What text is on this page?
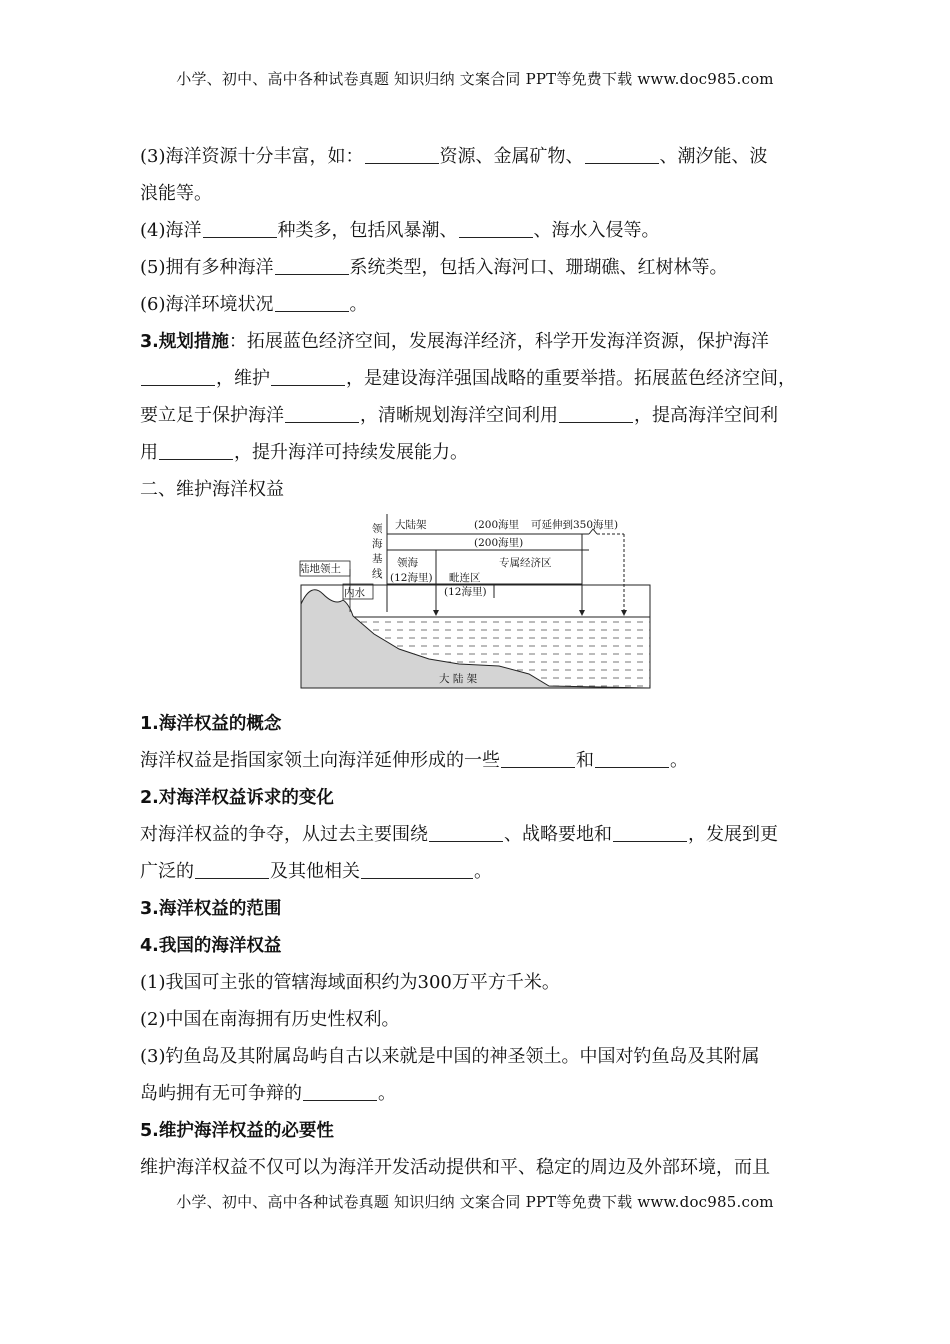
小学、初中、高中各种试卷真题 知识归纳 文案合同 PPT等免费下载 www.doc985.com
(3)海洋资源十分丰富，如：	资源、金属矿物、	、潮汐能、波
浪能等。
(4)海洋	种类多，包括风暴潮、	、海水入侵等。
(5)拥有多种海洋	系统类型，包括入海河口、珊瑚礁、红树林等。
(6)海洋环境状况	。
3.规划措施：拓展蓝色经济空间，发展海洋经济，科学开发海洋资源，保护海洋
，维护	，是建设海洋强国战略的重要举措。拓展蓝色经济空间，
要立足于保护海洋	，清晰规划海洋空间利用	，提高海洋空间利
用	，提升海洋可持续发展能力。
二、维护海洋权益
领
海
基
线
大陆架	(200海里 可延伸到350海里)
(200海里)
领海
(12海里)
专属经济区
毗连区
(12海里)
陆地领土
内水
大 陆 架
1.海洋权益的概念
海洋权益是指国家领土向海洋延伸形成的一些	和	。
2.对海洋权益诉求的变化
对海洋权益的争夺，从过去主要围绕	、战略要地和	，发展到更
广泛的	及其他相关	。
3.海洋权益的范围
4.我国的海洋权益
(1)我国可主张的管辖海域面积约为300万平方千米。
(2)中国在南海拥有历史性权利。
(3)钓鱼岛及其附属岛屿自古以来就是中国的神圣领土。中国对钓鱼岛及其附属
岛屿拥有无可争辩的	。
5.维护海洋权益的必要性
维护海洋权益不仅可以为海洋开发活动提供和平、稳定的周边及外部环境，而且
小学、初中、高中各种试卷真题 知识归纳 文案合同 PPT等免费下载 www.doc985.com
